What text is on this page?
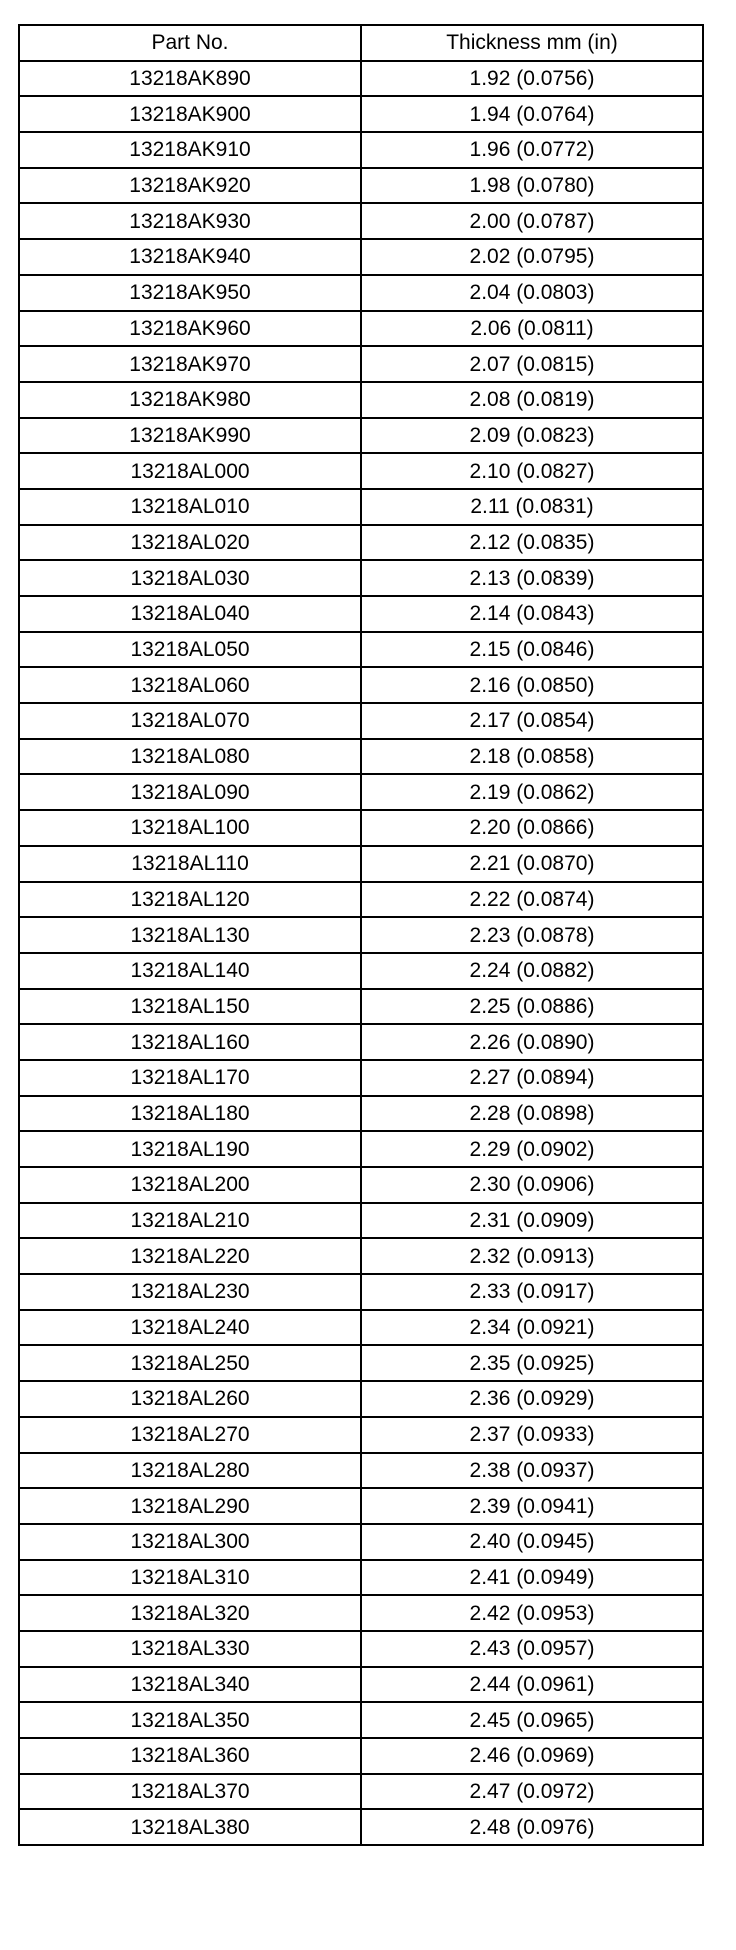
Part No.	Thickness mm (in)
13218AK890	1.92 (0.0756)
13218AK900	1.94 (0.0764)
13218AK910	1.96 (0.0772)
13218AK920	1.98 (0.0780)
13218AK930	2.00 (0.0787)
13218AK940	2.02 (0.0795)
13218AK950	2.04 (0.0803)
13218AK960	2.06 (0.0811)
13218AK970	2.07 (0.0815)
13218AK980	2.08 (0.0819)
13218AK990	2.09 (0.0823)
13218AL000	2.10 (0.0827)
13218AL010	2.11 (0.0831)
13218AL020	2.12 (0.0835)
13218AL030	2.13 (0.0839)
13218AL040	2.14 (0.0843)
13218AL050	2.15 (0.0846)
13218AL060	2.16 (0.0850)
13218AL070	2.17 (0.0854)
13218AL080	2.18 (0.0858)
13218AL090	2.19 (0.0862)
13218AL100	2.20 (0.0866)
13218AL110	2.21 (0.0870)
13218AL120	2.22 (0.0874)
13218AL130	2.23 (0.0878)
13218AL140	2.24 (0.0882)
13218AL150	2.25 (0.0886)
13218AL160	2.26 (0.0890)
13218AL170	2.27 (0.0894)
13218AL180	2.28 (0.0898)
13218AL190	2.29 (0.0902)
13218AL200	2.30 (0.0906)
13218AL210	2.31 (0.0909)
13218AL220	2.32 (0.0913)
13218AL230	2.33 (0.0917)
13218AL240	2.34 (0.0921)
13218AL250	2.35 (0.0925)
13218AL260	2.36 (0.0929)
13218AL270	2.37 (0.0933)
13218AL280	2.38 (0.0937)
13218AL290	2.39 (0.0941)
13218AL300	2.40 (0.0945)
13218AL310	2.41 (0.0949)
13218AL320	2.42 (0.0953)
13218AL330	2.43 (0.0957)
13218AL340	2.44 (0.0961)
13218AL350	2.45 (0.0965)
13218AL360	2.46 (0.0969)
13218AL370	2.47 (0.0972)
13218AL380	2.48 (0.0976)
